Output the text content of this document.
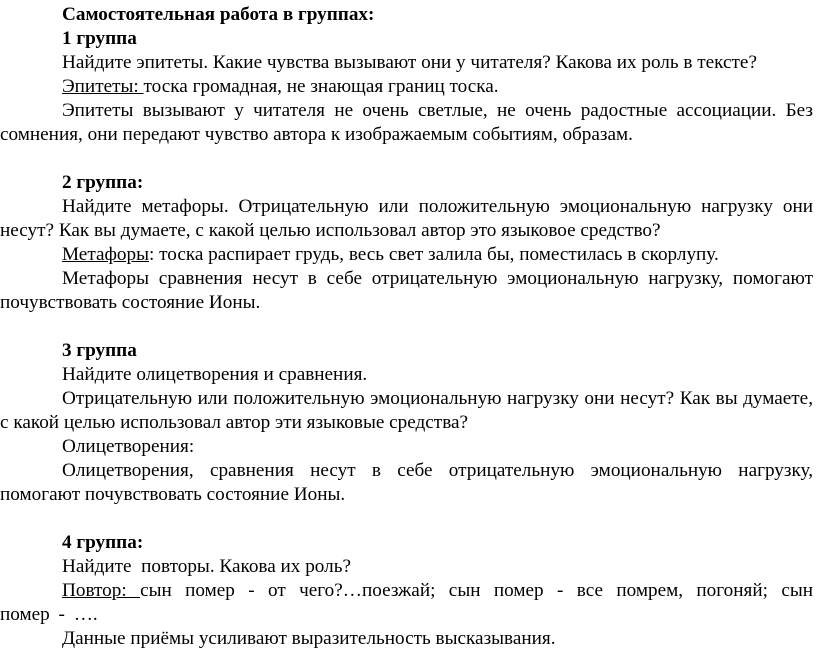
Самостоятельная работа в группах:
1 группа
Найдите эпитеты. Какие чувства вызывают они у читателя? Какова их роль в тексте?
Эпитеты: тоска громадная, не знающая границ тоска.
Эпитеты вызывают у читателя не очень светлые, не очень радостные ассоциации. Без сомнения, они передают чувство автора к изображаемым событиям, образам.
2 группа:
Найдите метафоры. Отрицательную или положительную эмоциональную нагрузку они несут? Как вы думаете, с какой целью использовал автор это языковое средство?
Метафоры: тоска распирает грудь, весь свет залила бы, поместилась в скорлупу.
Метафоры сравнения несут в себе отрицательную эмоциональную нагрузку, помогают почувствовать состояние Ионы.
3 группа
Найдите олицетворения и сравнения.
Отрицательную или положительную эмоциональную нагрузку они несут? Как вы думаете, с какой целью использовал автор эти языковые средства?
Олицетворения:
Олицетворения, сравнения несут в себе отрицательную эмоциональную нагрузку, помогают почувствовать состояние Ионы.
4 группа:
Найдите  повторы. Какова их роль?
Повтор: сын помер - от чего?…поезжай; сын помер - все помрем, погоняй; сын помер - ….
Данные приёмы усиливают выразительность высказывания.
